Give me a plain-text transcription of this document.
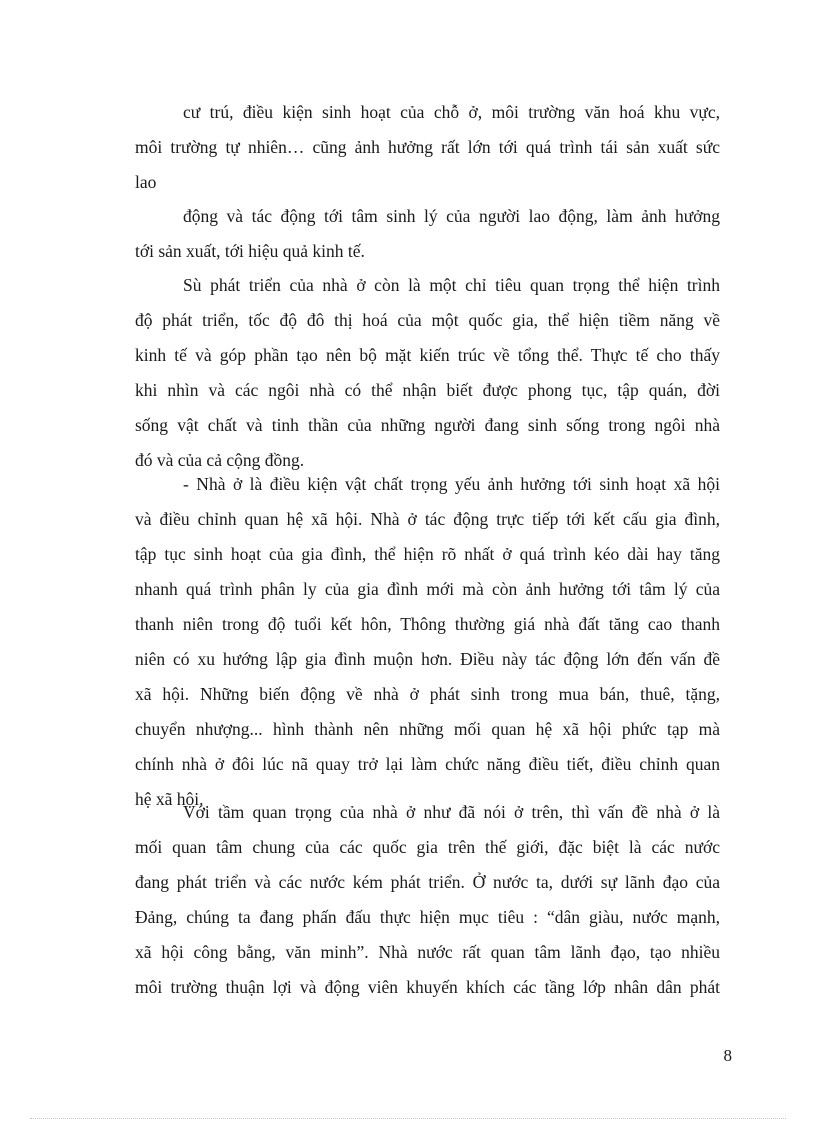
cư trú, điều kiện sinh hoạt của chỗ ở, môi trường văn hoá khu vực,
môi trường tự nhiên… cũng ảnh hưởng rất lớn tới quá trình tái sản xuất sức
lao

động và tác động tới tâm sinh lý của người lao động, làm ảnh hưởng
tới sản xuất, tới hiệu quả kinh tế.

Sù phát triển của nhà ở còn là một chỉ tiêu quan trọng thể hiện trình
độ phát triển, tốc độ đô thị hoá của một quốc gia, thể hiện tiềm năng về
kinh tế và góp phần tạo nên bộ mặt kiến trúc về tổng thể. Thực tế cho thấy
khi nhìn và các ngôi nhà có thể nhận biết được phong tục, tập quán, đời
sống vật chất và tinh thần của những người đang sinh sống trong ngôi nhà
đó và của cả cộng đồng.

- Nhà ở là điều kiện vật chất trọng yếu ảnh hưởng tới sinh hoạt xã hội
và điều chỉnh quan hệ xã hội. Nhà ở tác động trực tiếp tới kết cấu gia đình,
tập tục sinh hoạt của gia đình, thể hiện rõ nhất ở quá trình kéo dài hay tăng
nhanh quá trình phân ly của gia đình mới mà còn ảnh hưởng tới tâm lý của
thanh niên trong độ tuổi kết hôn, Thông thường giá nhà đất tăng cao thanh
niên có xu hướng lập gia đình muộn hơn. Điều này tác động lớn đến vấn đề
xã hội. Những biến động về nhà ở phát sinh trong mua bán, thuê, tặng,
chuyển nhượng... hình thành nên những mối quan hệ xã hội phức tạp mà
chính nhà ở đôi lúc nã quay trở lại làm chức năng điều tiết, điều chỉnh quan
hệ xã hội.

Với tầm quan trọng của nhà ở như đã nói ở trên, thì vấn đề nhà ở là
mối quan tâm chung của các quốc gia trên thế giới, đặc biệt là các nước
đang phát triển và các nước kém phát triển. Ở nước ta, dưới sự lãnh đạo của
Đảng, chúng ta đang phấn đấu thực hiện mục tiêu : “dân giàu, nước mạnh,
xã hội công bằng, văn minh”. Nhà nước rất quan tâm lãnh đạo, tạo nhiều
môi trường thuận lợi và động viên khuyến khích các tầng lớp nhân dân phát

8
